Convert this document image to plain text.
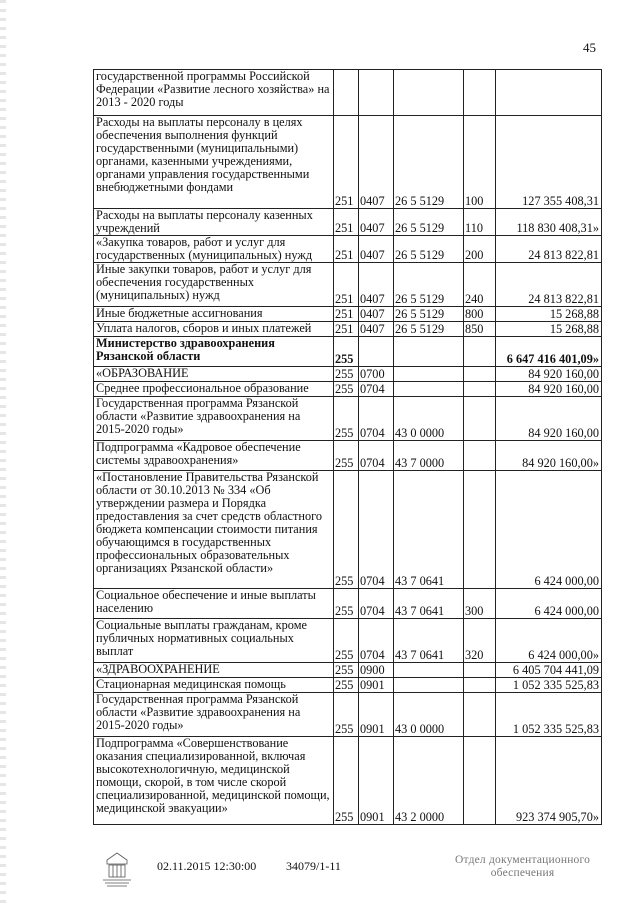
45
государственной программы Российской Федерации «Развитие лесного хозяйства» на 2013 - 2020 годы					
Расходы на выплаты персоналу в целях обеспечения выполнения функций государственными (муниципальными) органами, казенными учреждениями, органами управления государственными внебюджетными фондами	251	0407	26 5 5129	100	127 355 408,31
Расходы на выплаты персоналу казенных учреждений	251	0407	26 5 5129	110	118 830 408,31»
«Закупка товаров, работ и услуг для государственных (муниципальных) нужд	251	0407	26 5 5129	200	24 813 822,81
Иные закупки товаров, работ и услуг для обеспечения государственных (муниципальных) нужд	251	0407	26 5 5129	240	24 813 822,81
Иные бюджетные ассигнования	251	0407	26 5 5129	800	15 268,88
Уплата налогов, сборов и иных платежей	251	0407	26 5 5129	850	15 268,88
Министерство здравоохранения Рязанской области	255				6 647 416 401,09»
«ОБРАЗОВАНИЕ	255	0700			84 920 160,00
Среднее профессиональное образование	255	0704			84 920 160,00
Государственная программа Рязанской области «Развитие здравоохранения на 2015-2020 годы»	255	0704	43 0 0000		84 920 160,00
Подпрограмма «Кадровое обеспечение системы здравоохранения»	255	0704	43 7 0000		84 920 160,00»
«Постановление Правительства Рязанской области от 30.10.2013 № 334 «Об утверждении размера и Порядка предоставления за счет средств областного бюджета компенсации стоимости питания обучающимся в государственных профессиональных образовательных организациях Рязанской области»	255	0704	43 7 0641		6 424 000,00
Социальное обеспечение и иные выплаты населению	255	0704	43 7 0641	300	6 424 000,00
Социальные выплаты гражданам, кроме публичных нормативных социальных выплат	255	0704	43 7 0641	320	6 424 000,00»
«ЗДРАВООХРАНЕНИЕ	255	0900			6 405 704 441,09
Стационарная медицинская помощь	255	0901			1 052 335 525,83
Государственная программа Рязанской области «Развитие здравоохранения на 2015-2020 годы»	255	0901	43 0 0000		1 052 335 525,83
Подпрограмма «Совершенствование оказания специализированной, включая высокотехнологичную, медицинской помощи, скорой, в том числе скорой специализированной, медицинской помощи, медицинской эвакуации»	255	0901	43 2 0000		923 374 905,70»
02.11.2015 12:30:00 34079/1-11	Отдел документационного
обеспечения
